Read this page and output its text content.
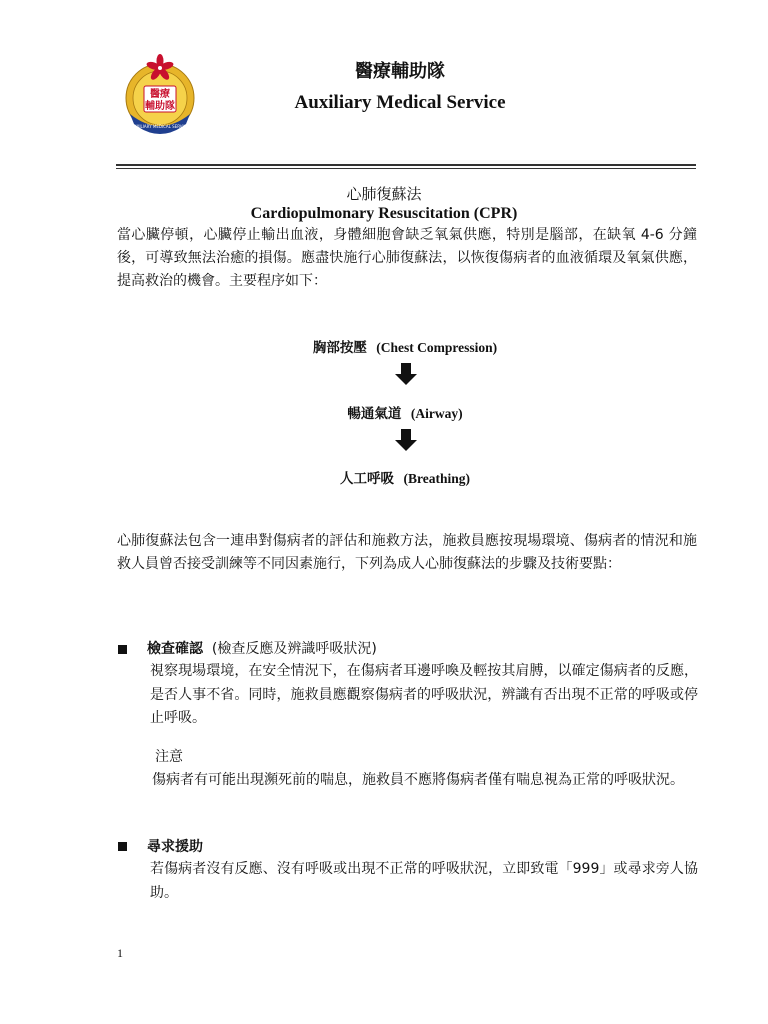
AUXILIARY MEDICAL SERVICE
醫療
輔助隊
醫療輔助隊
Auxiliary Medical Service
心肺復蘇法
Cardiopulmonary Resuscitation (CPR)
當心臟停頓，心臟停止輸出血液，身體細胞會缺乏氧氣供應，特別是腦部，在缺氧 4-6 分鐘後，可導致無法治癒的損傷。應盡快施行心肺復蘇法，以恢復傷病者的血液循環及氧氣供應，提高救治的機會。主要程序如下：
胸部按壓 (Chest Compression)
暢通氣道 (Airway)
人工呼吸 (Breathing)
心肺復蘇法包含一連串對傷病者的評估和施救方法，施救員應按現場環境、傷病者的情況和施救人員曾否接受訓練等不同因素施行，下列為成人心肺復蘇法的步驟及技術要點：
檢查確認 (檢查反應及辨識呼吸狀況)
視察現場環境，在安全情況下，在傷病者耳邊呼喚及輕按其肩膊，以確定傷病者的反應，是否人事不省。同時，施救員應觀察傷病者的呼吸狀況，辨識有否出現不正常的呼吸或停止呼吸。
注意
傷病者有可能出現瀕死前的喘息，施救員不應將傷病者僅有喘息視為正常的呼吸狀況。
尋求援助
若傷病者沒有反應、沒有呼吸或出現不正常的呼吸狀況，立即致電「999」或尋求旁人協助。
1
